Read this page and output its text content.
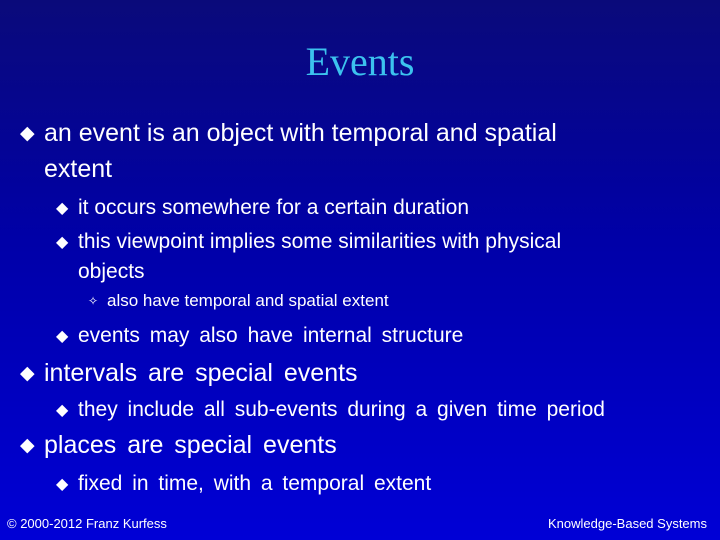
Events
◆ an event is an object with temporal and spatial
extent
◆ it occurs somewhere for a certain duration
◆ this viewpoint implies some similarities with physical
objects
✧ also have temporal and spatial extent
◆ events may also have internal structure
◆ intervals are special events
◆ they include all sub-events during a given time period
◆ places are special events
◆ fixed in time, with a temporal extent
© 2000-2012 Franz Kurfess	Knowledge-Based Systems
